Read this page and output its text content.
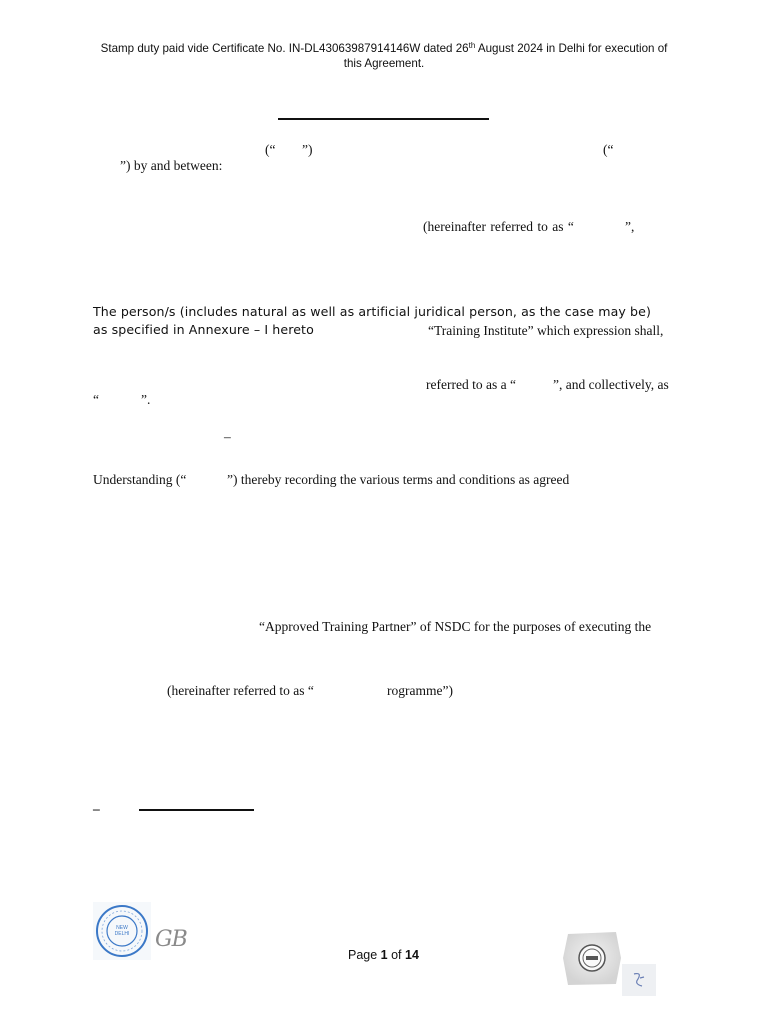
Stamp duty paid vide Certificate No. IN-DL43063987914146W dated 26th August 2024 in Delhi for execution of
this Agreement.
(“ ”)	(“
”) by and between:
(hereinafter referred to as “	”,
The person/s (includes natural as well as artificial juridical person, as the case may be)
as specified in Annexure – I hereto	“Training Institute” which expression shall,
referred to as a “	”, and collectively, as
“	”.
–
Understanding (“	”) thereby recording the various terms and conditions as agreed
“Approved Training Partner” of NSDC for the purposes of executing the
(hereinafter referred to as “	rogramme”)
–
NEW DELHI GB
Page 1 of 14
